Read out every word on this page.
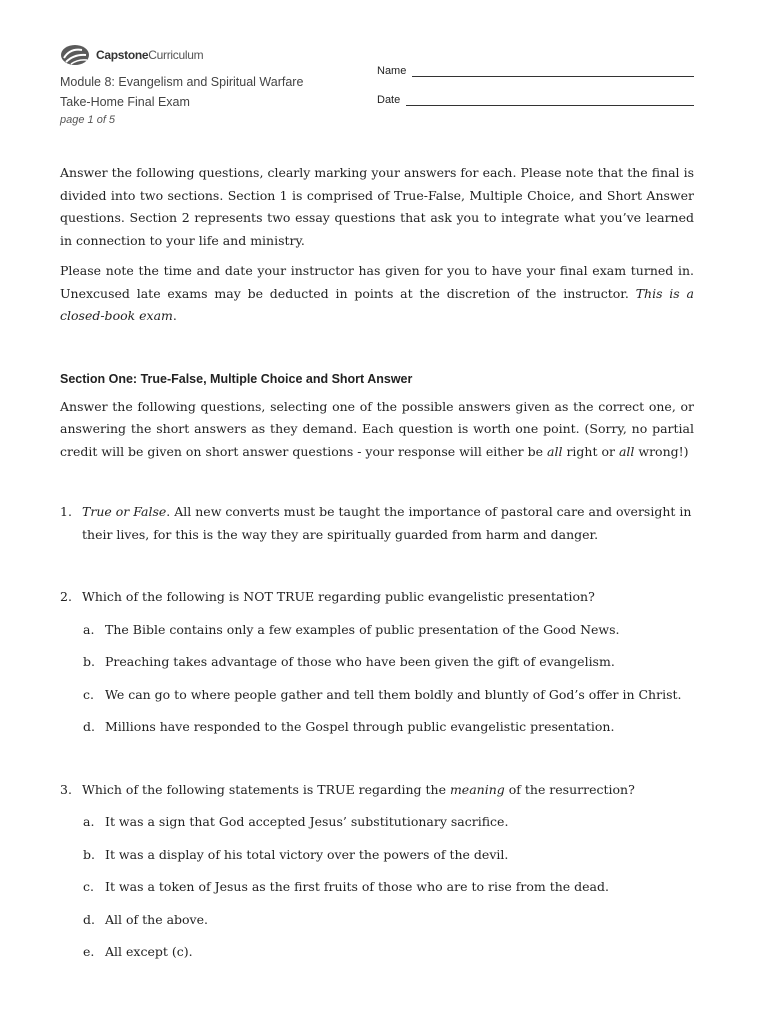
CapstoneCurriculum
Module 8: Evangelism and Spiritual Warfare
Take-Home Final Exam
page 1 of 5
Name
Date

Answer the following questions, clearly marking your answers for each. Please note that the final is divided into two sections. Section 1 is comprised of True-False, Multiple Choice, and Short Answer questions. Section 2 represents two essay questions that ask you to integrate what you’ve learned in connection to your life and ministry.

Please note the time and date your instructor has given for you to have your final exam turned in. Unexcused late exams may be deducted in points at the discretion of the instructor. This is a closed-book exam.

Section One: True-False, Multiple Choice and Short Answer

Answer the following questions, selecting one of the possible answers given as the correct one, or answering the short answers as they demand. Each question is worth one point. (Sorry, no partial credit will be given on short answer questions - your response will either be all right or all wrong!)

1. True or False. All new converts must be taught the importance of pastoral care and oversight in their lives, for this is the way they are spiritually guarded from harm and danger.
2. Which of the following is NOT TRUE regarding public evangelistic presentation?
a. The Bible contains only a few examples of public presentation of the Good News.
b. Preaching takes advantage of those who have been given the gift of evangelism.
c. We can go to where people gather and tell them boldly and bluntly of God’s offer in Christ.
d. Millions have responded to the Gospel through public evangelistic presentation.
3. Which of the following statements is TRUE regarding the meaning of the resurrection?
a. It was a sign that God accepted Jesus’ substitutionary sacrifice.
b. It was a display of his total victory over the powers of the devil.
c. It was a token of Jesus as the first fruits of those who are to rise from the dead.
d. All of the above.
e. All except (c).
